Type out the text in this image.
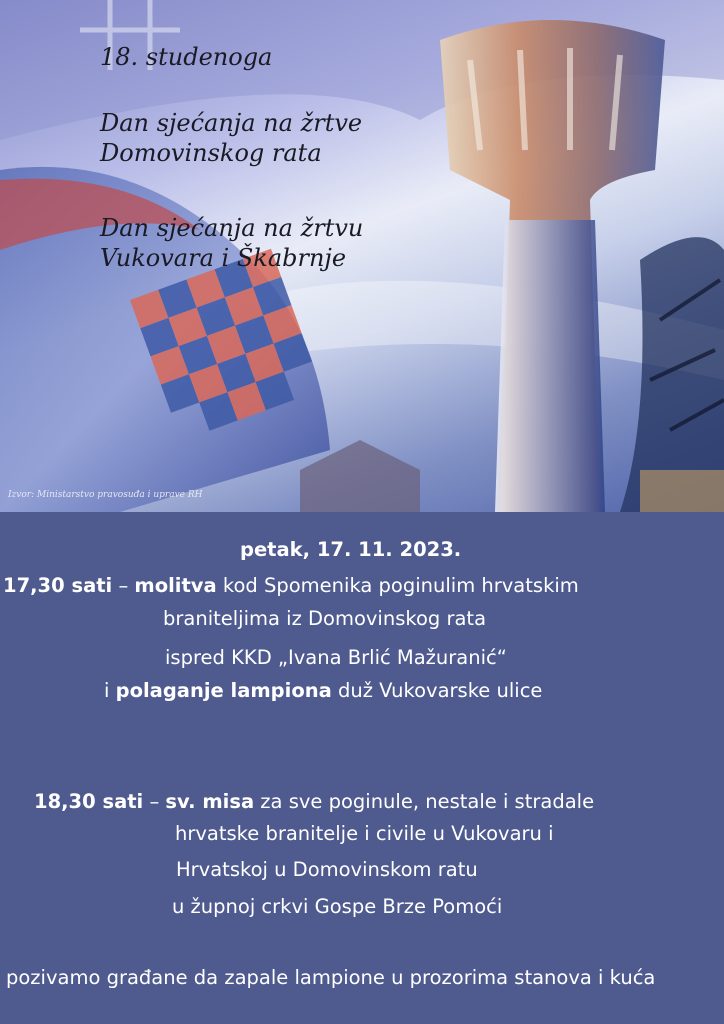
18. studenoga
Dan sjećanja na žrtve
Domovinskog rata
Dan sjećanja na žrtvu
Vukovara i Škabrnje
Izvor: Ministarstvo pravosuđa i uprave RH
petak, 17. 11. 2023.
17,30 sati – molitva kod Spomenika poginulim hrvatskim
braniteljima iz Domovinskog rata
ispred KKD „Ivana Brlić Mažuranić“
i polaganje lampiona duž Vukovarske ulice
18,30 sati – sv. misa za sve poginule, nestale i stradale
hrvatske branitelje i civile u Vukovaru i
Hrvatskoj u Domovinskom ratu
u župnoj crkvi Gospe Brze Pomoći
pozivamo građane da zapale lampione u prozorima stanova i kuća
